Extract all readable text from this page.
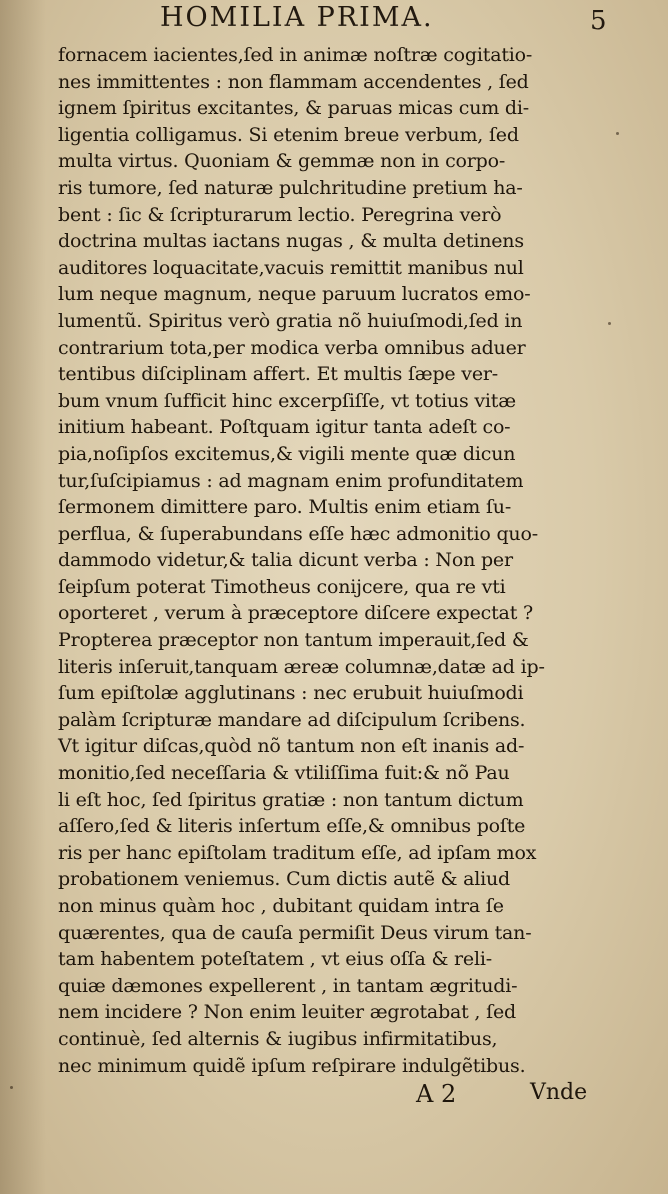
HOMILIA PRIMA.	5
fornacem iacientes,ſed in animæ noſtræ cogitatio‑
nes immittentes : non flammam accendentes , ſed
ignem ſpiritus excitantes, & paruas micas cum di‑
ligentia colligamus. Si etenim breue verbum, ſed
multa virtus. Quoniam & gemmæ non in corpo‑
ris tumore, ſed naturæ pulchritudine pretium ha‑
bent : ſic & ſcripturarum lectio. Peregrina verò
doctrina multas iactans nugas , & multa detinens
auditores loquacitate,vacuis remittit manibus nul
lum neque magnum, neque paruum lucratos emo‑
lumentũ. Spiritus verò gratia nõ huiuſmodi,ſed in
contrarium tota,per modica verba omnibus aduer
tentibus diſciplinam affert. Et multis ſæpe ver‑
bum vnum ſufficit hinc excerpſiſſe, vt totius vitæ
initium habeant. Poſtquam igitur tanta adeſt co‑
pia,noſipſos excitemus,& vigili mente quæ dicun
tur,ſuſcipiamus : ad magnam enim profunditatem
ſermonem dimittere paro. Multis enim etiam ſu‑
perflua, & ſuperabundans eſſe hæc admonitio quo‑
dammodo videtur,& talia dicunt verba : Non per
ſeipſum poterat Timotheus conijcere, qua re vti
oporteret , verum à præceptore diſcere expectat ?
Propterea præceptor non tantum imperauit,ſed &
literis inſeruit,tanquam æreæ columnæ,datæ ad ip‑
ſum epiſtolæ agglutinans : nec erubuit huiuſmodi
palàm ſcripturæ mandare ad diſcipulum ſcribens.
Vt igitur diſcas,quòd nõ tantum non eſt inanis ad‑
monitio,ſed neceſſaria & vtiliſſima fuit:& nõ Pau
li eſt hoc, ſed ſpiritus gratiæ : non tantum dictum
aſſero,ſed & literis inſertum eſſe,& omnibus poſte
ris per hanc epiſtolam traditum eſſe, ad ipſam mox
probationem veniemus. Cum dictis autẽ & aliud
non minus quàm hoc , dubitant quidam intra ſe
quærentes, qua de cauſa permiſit Deus virum tan‑
tam habentem poteſtatem , vt eius oſſa & reli‑
quiæ dæmones expellerent , in tantam ægritudi‑
nem incidere ? Non enim leuiter ægrotabat , ſed
continuè, ſed alternis & iugibus infirmitatibus,
nec minimum quidẽ ipſum reſpirare indulgẽtibus.
A 2	Vnde
